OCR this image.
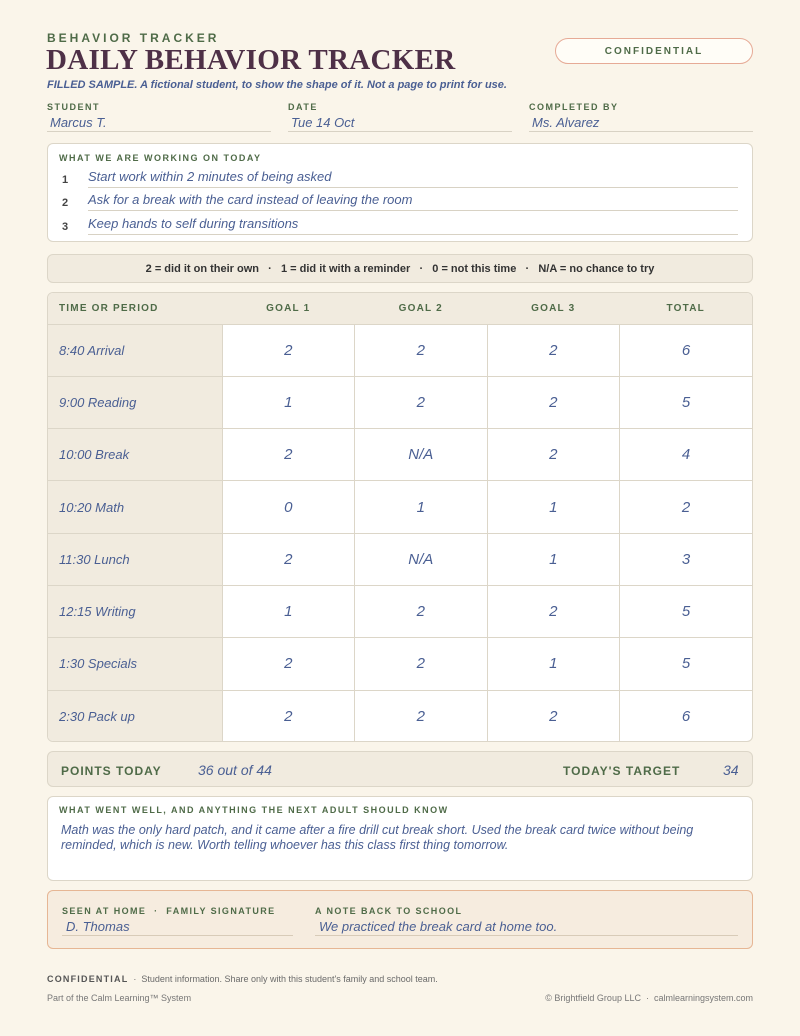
BEHAVIOR TRACKER
DAILY BEHAVIOR TRACKER
FILLED SAMPLE. A fictional student, to show the shape of it. Not a page to print for use.
CONFIDENTIAL
STUDENT
Marcus T.
DATE
Tue 14 Oct
COMPLETED BY
Ms. Alvarez
WHAT WE ARE WORKING ON TODAY
1 Start work within 2 minutes of being asked
2 Ask for a break with the card instead of leaving the room
3 Keep hands to self during transitions
2 = did it on their own   ·   1 = did it with a reminder   ·   0 = not this time   ·   N/A = no chance to try
TIME OR PERIOD	GOAL 1	GOAL 2	GOAL 3	TOTAL
8:40 Arrival	2	2	2	6
9:00 Reading	1	2	2	5
10:00 Break	2	N/A	2	4
10:20 Math	0	1	1	2
11:30 Lunch	2	N/A	1	3
12:15 Writing	1	2	2	5
1:30 Specials	2	2	1	5
2:30 Pack up	2	2	2	6
POINTS TODAY	36 out of 44	TODAY'S TARGET	34
WHAT WENT WELL, AND ANYTHING THE NEXT ADULT SHOULD KNOW
Math was the only hard patch, and it came after a fire drill cut break short. Used the break card twice without being reminded, which is new. Worth telling whoever has this class first thing tomorrow.
SEEN AT HOME  ·  FAMILY SIGNATURE
D. Thomas
A NOTE BACK TO SCHOOL
We practiced the break card at home too.
CONFIDENTIAL  ·  Student information. Share only with this student's family and school team.
Part of the Calm Learning™ System	© Brightfield Group LLC  ·  calmlearningsystem.com
